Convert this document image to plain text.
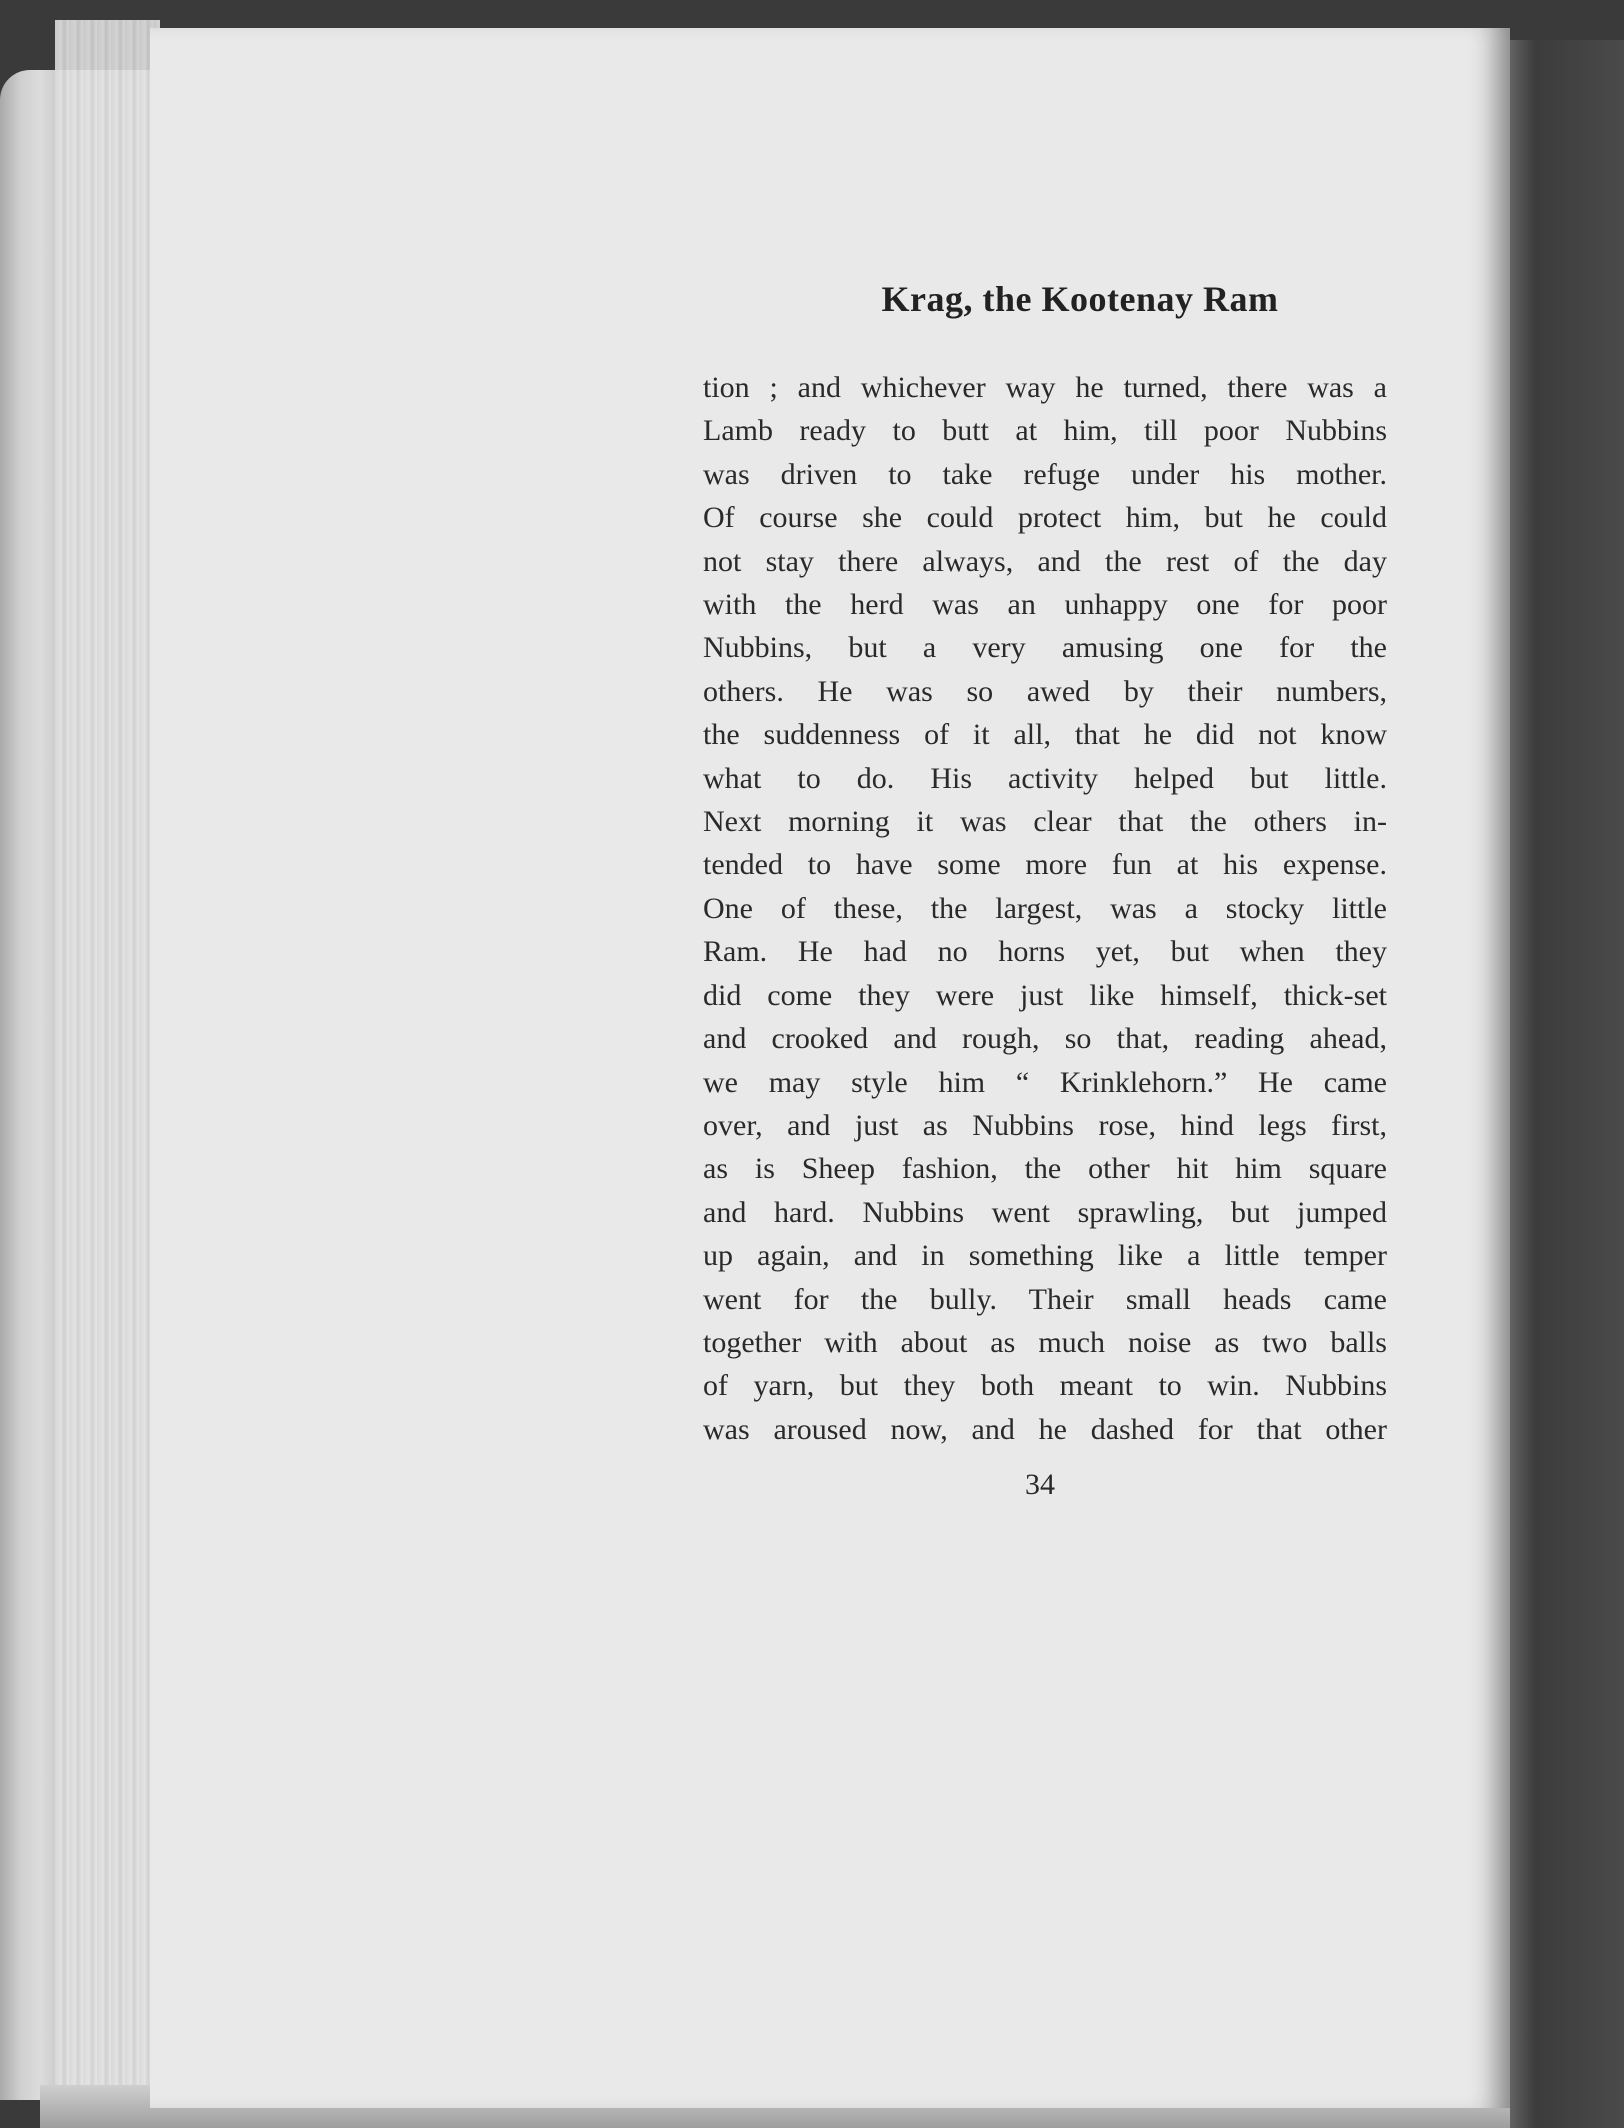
Krag, the Kootenay Ram

tion ; and whichever way he turned, there was a
Lamb ready to butt at him, till poor Nubbins
was driven to take refuge under his mother.
Of course she could protect him, but he could
not stay there always, and the rest of the day
with the herd was an unhappy one for poor
Nubbins, but a very amusing one for the
others. He was so awed by their numbers,
the suddenness of it all, that he did not know
what to do. His activity helped but little.
Next morning it was clear that the others in-
tended to have some more fun at his expense.
One of these, the largest, was a stocky little
Ram. He had no horns yet, but when they
did come they were just like himself, thick-set
and crooked and rough, so that, reading ahead,
we may style him “ Krinklehorn.” He came
over, and just as Nubbins rose, hind legs first,
as is Sheep fashion, the other hit him square
and hard. Nubbins went sprawling, but jumped
up again, and in something like a little temper
went for the bully. Their small heads came
together with about as much noise as two balls
of yarn, but they both meant to win. Nubbins
was aroused now, and he dashed for that other

34
